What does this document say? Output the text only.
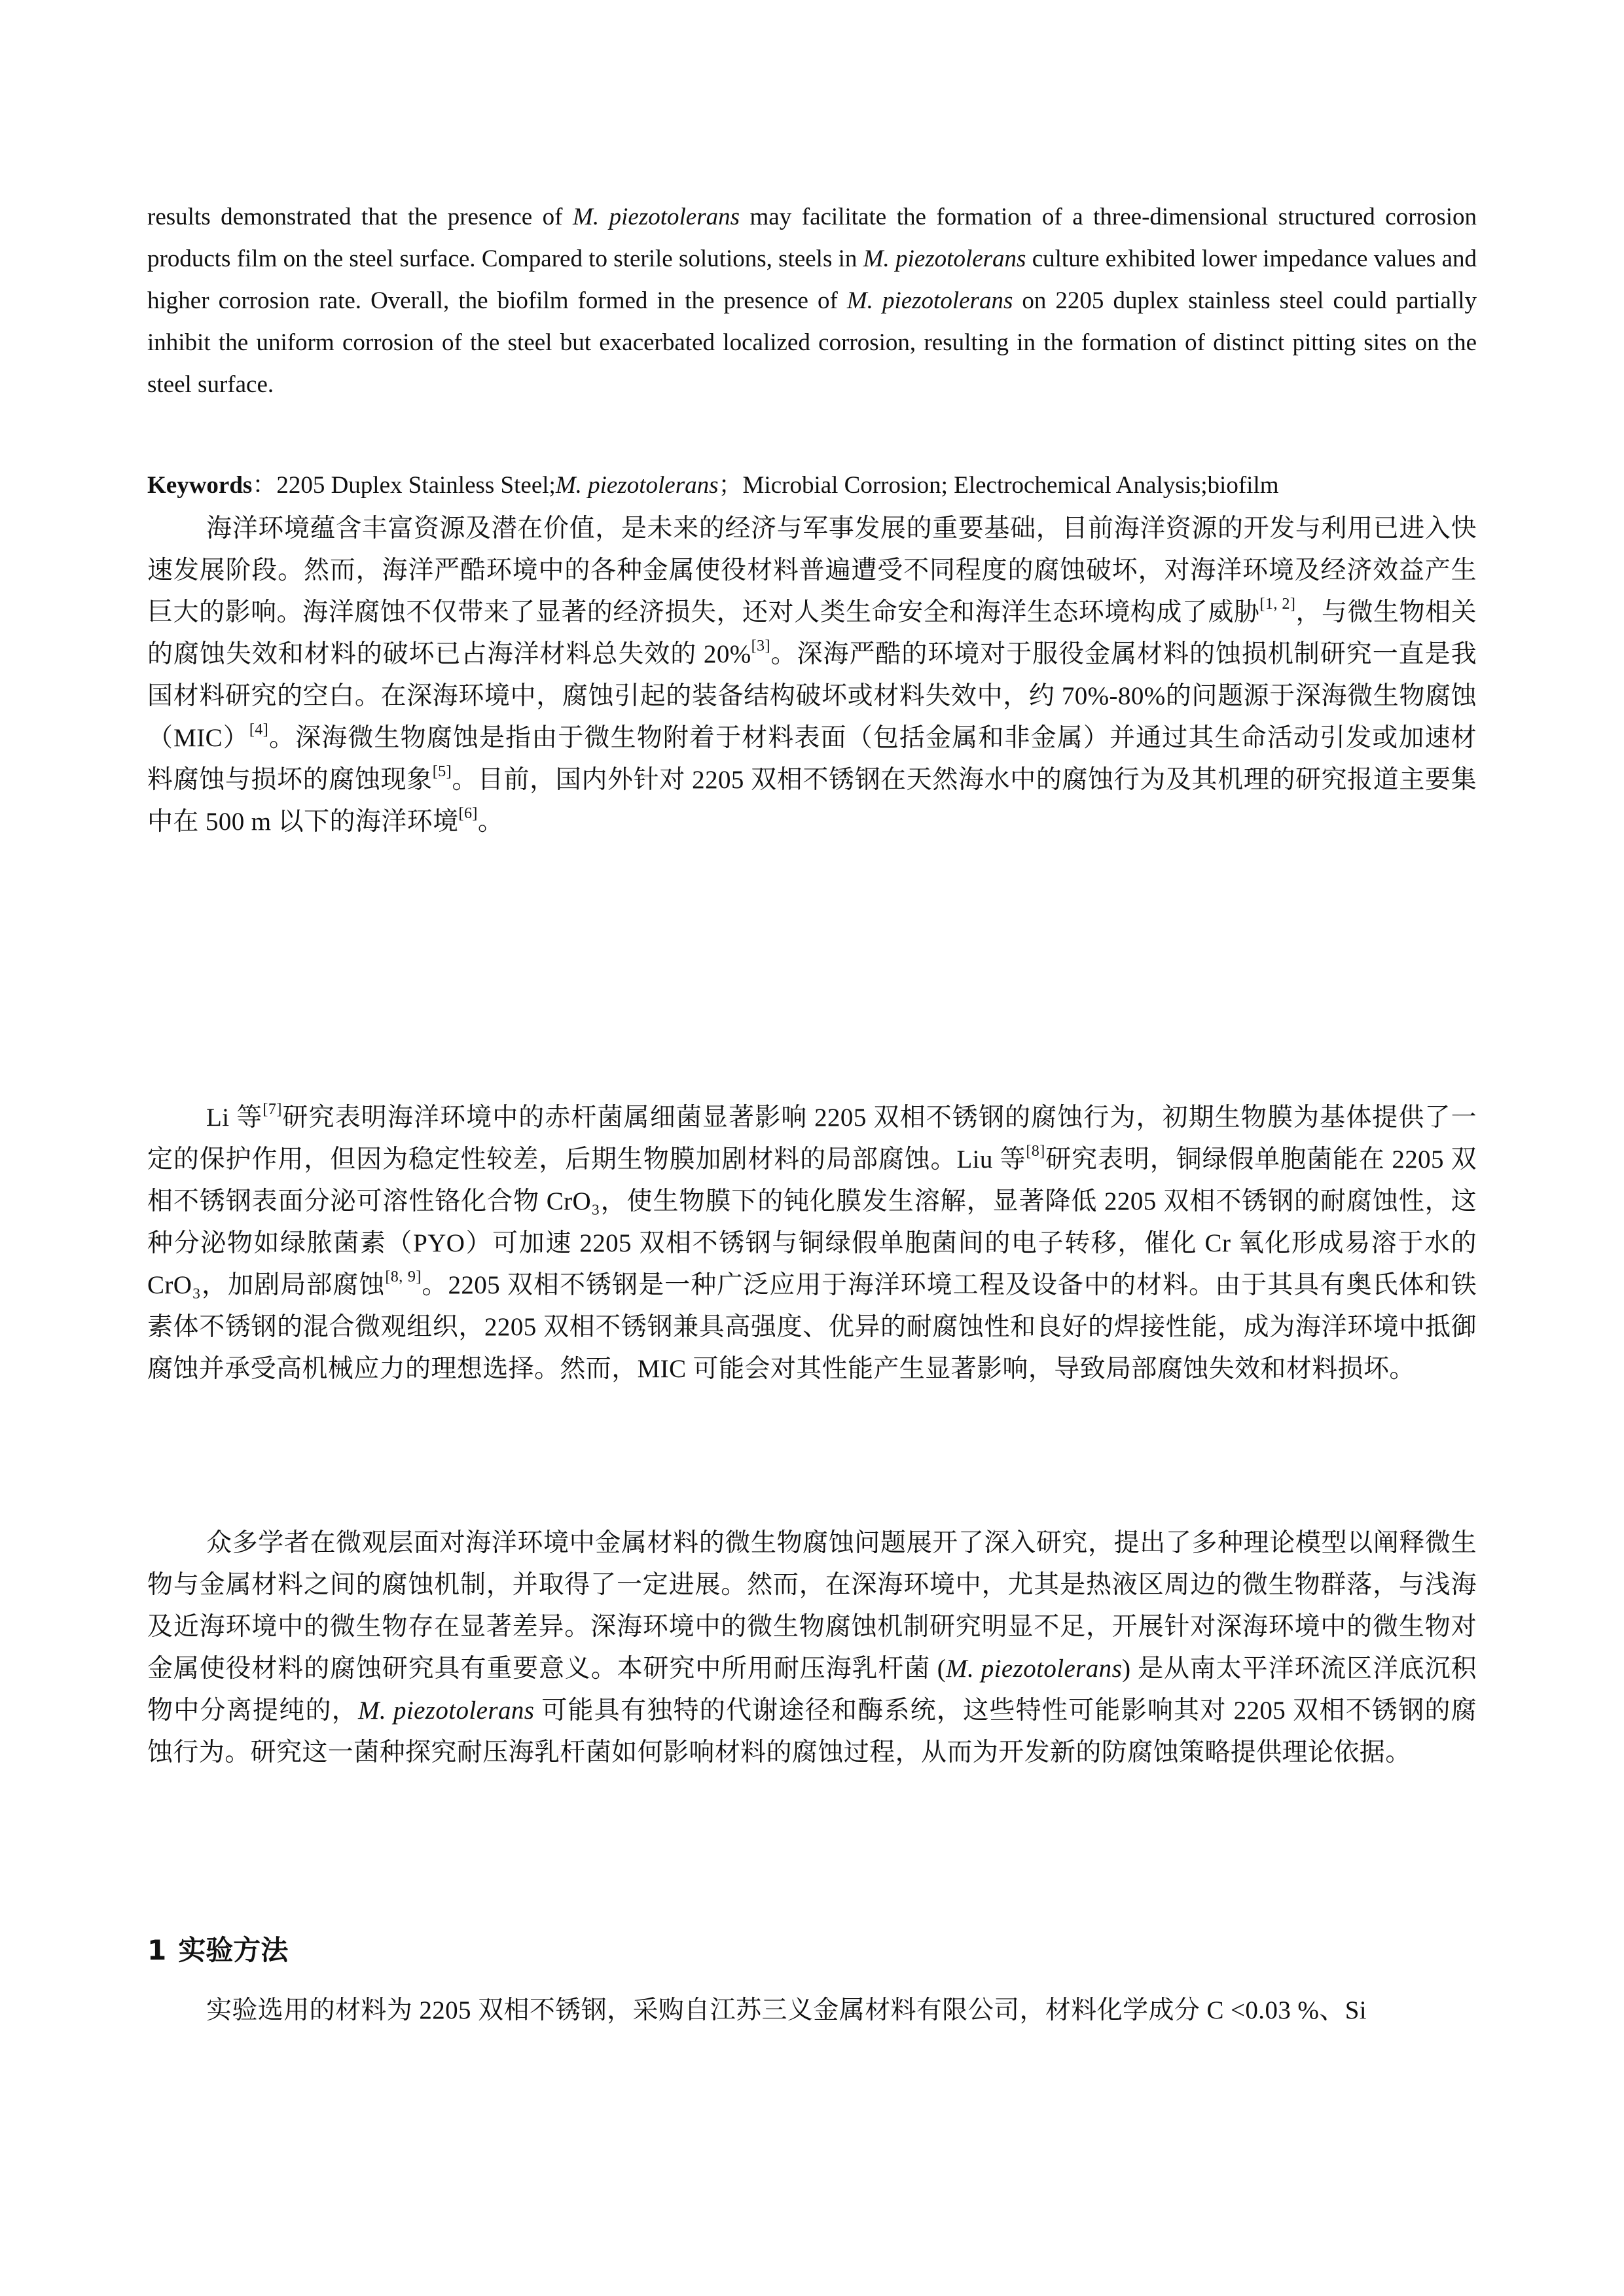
results demonstrated that the presence of M. piezotolerans may facilitate the formation of a three-dimensional structured corrosion products film on the steel surface. Compared to sterile solutions, steels in M. piezotolerans culture exhibited lower impedance values and higher corrosion rate. Overall, the biofilm formed in the presence of M. piezotolerans on 2205 duplex stainless steel could partially inhibit the uniform corrosion of the steel but exacerbated localized corrosion, resulting in the formation of distinct pitting sites on the steel surface.

Keywords：2205 Duplex Stainless Steel;M. piezotolerans；Microbial Corrosion; Electrochemical Analysis;biofilm

海洋环境蕴含丰富资源及潜在价值，是未来的经济与军事发展的重要基础，目前海洋资源的开发与利用已进入快速发展阶段。然而，海洋严酷环境中的各种金属使役材料普遍遭受不同程度的腐蚀破坏，对海洋环境及经济效益产生巨大的影响。海洋腐蚀不仅带来了显著的经济损失，还对人类生命安全和海洋生态环境构成了威胁[1, 2]，与微生物相关的腐蚀失效和材料的破坏已占海洋材料总失效的 20%[3]。深海严酷的环境对于服役金属材料的蚀损机制研究一直是我国材料研究的空白。在深海环境中，腐蚀引起的装备结构破坏或材料失效中，约 70%-80%的问题源于深海微生物腐蚀（MIC）[4]。深海微生物腐蚀是指由于微生物附着于材料表面（包括金属和非金属）并通过其生命活动引发或加速材料腐蚀与损坏的腐蚀现象[5]。目前，国内外针对 2205 双相不锈钢在天然海水中的腐蚀行为及其机理的研究报道主要集中在 500 m 以下的海洋环境[6]。

Li 等[7]研究表明海洋环境中的赤杆菌属细菌显著影响 2205 双相不锈钢的腐蚀行为，初期生物膜为基体提供了一定的保护作用，但因为稳定性较差，后期生物膜加剧材料的局部腐蚀。Liu 等[8]研究表明，铜绿假单胞菌能在 2205 双相不锈钢表面分泌可溶性铬化合物 CrO₃，使生物膜下的钝化膜发生溶解，显著降低 2205 双相不锈钢的耐腐蚀性，这种分泌物如绿脓菌素（PYO）可加速 2205 双相不锈钢与铜绿假单胞菌间的电子转移，催化 Cr 氧化形成易溶于水的 CrO₃，加剧局部腐蚀[8, 9]。2205 双相不锈钢是一种广泛应用于海洋环境工程及设备中的材料。由于其具有奥氏体和铁素体不锈钢的混合微观组织，2205 双相不锈钢兼具高强度、优异的耐腐蚀性和良好的焊接性能，成为海洋环境中抵御腐蚀并承受高机械应力的理想选择。然而，MIC 可能会对其性能产生显著影响，导致局部腐蚀失效和材料损坏。

众多学者在微观层面对海洋环境中金属材料的微生物腐蚀问题展开了深入研究，提出了多种理论模型以阐释微生物与金属材料之间的腐蚀机制，并取得了一定进展。然而，在深海环境中，尤其是热液区周边的微生物群落，与浅海及近海环境中的微生物存在显著差异。深海环境中的微生物腐蚀机制研究明显不足，开展针对深海环境中的微生物对金属使役材料的腐蚀研究具有重要意义。本研究中所用耐压海乳杆菌 (M. piezotolerans) 是从南太平洋环流区洋底沉积物中分离提纯的，M. piezotolerans 可能具有独特的代谢途径和酶系统，这些特性可能影响其对 2205 双相不锈钢的腐蚀行为。研究这一菌种探究耐压海乳杆菌如何影响材料的腐蚀过程，从而为开发新的防腐蚀策略提供理论依据。

1 实验方法

实验选用的材料为 2205 双相不锈钢，采购自江苏三义金属材料有限公司，材料化学成分 C <0.03 %、Si
